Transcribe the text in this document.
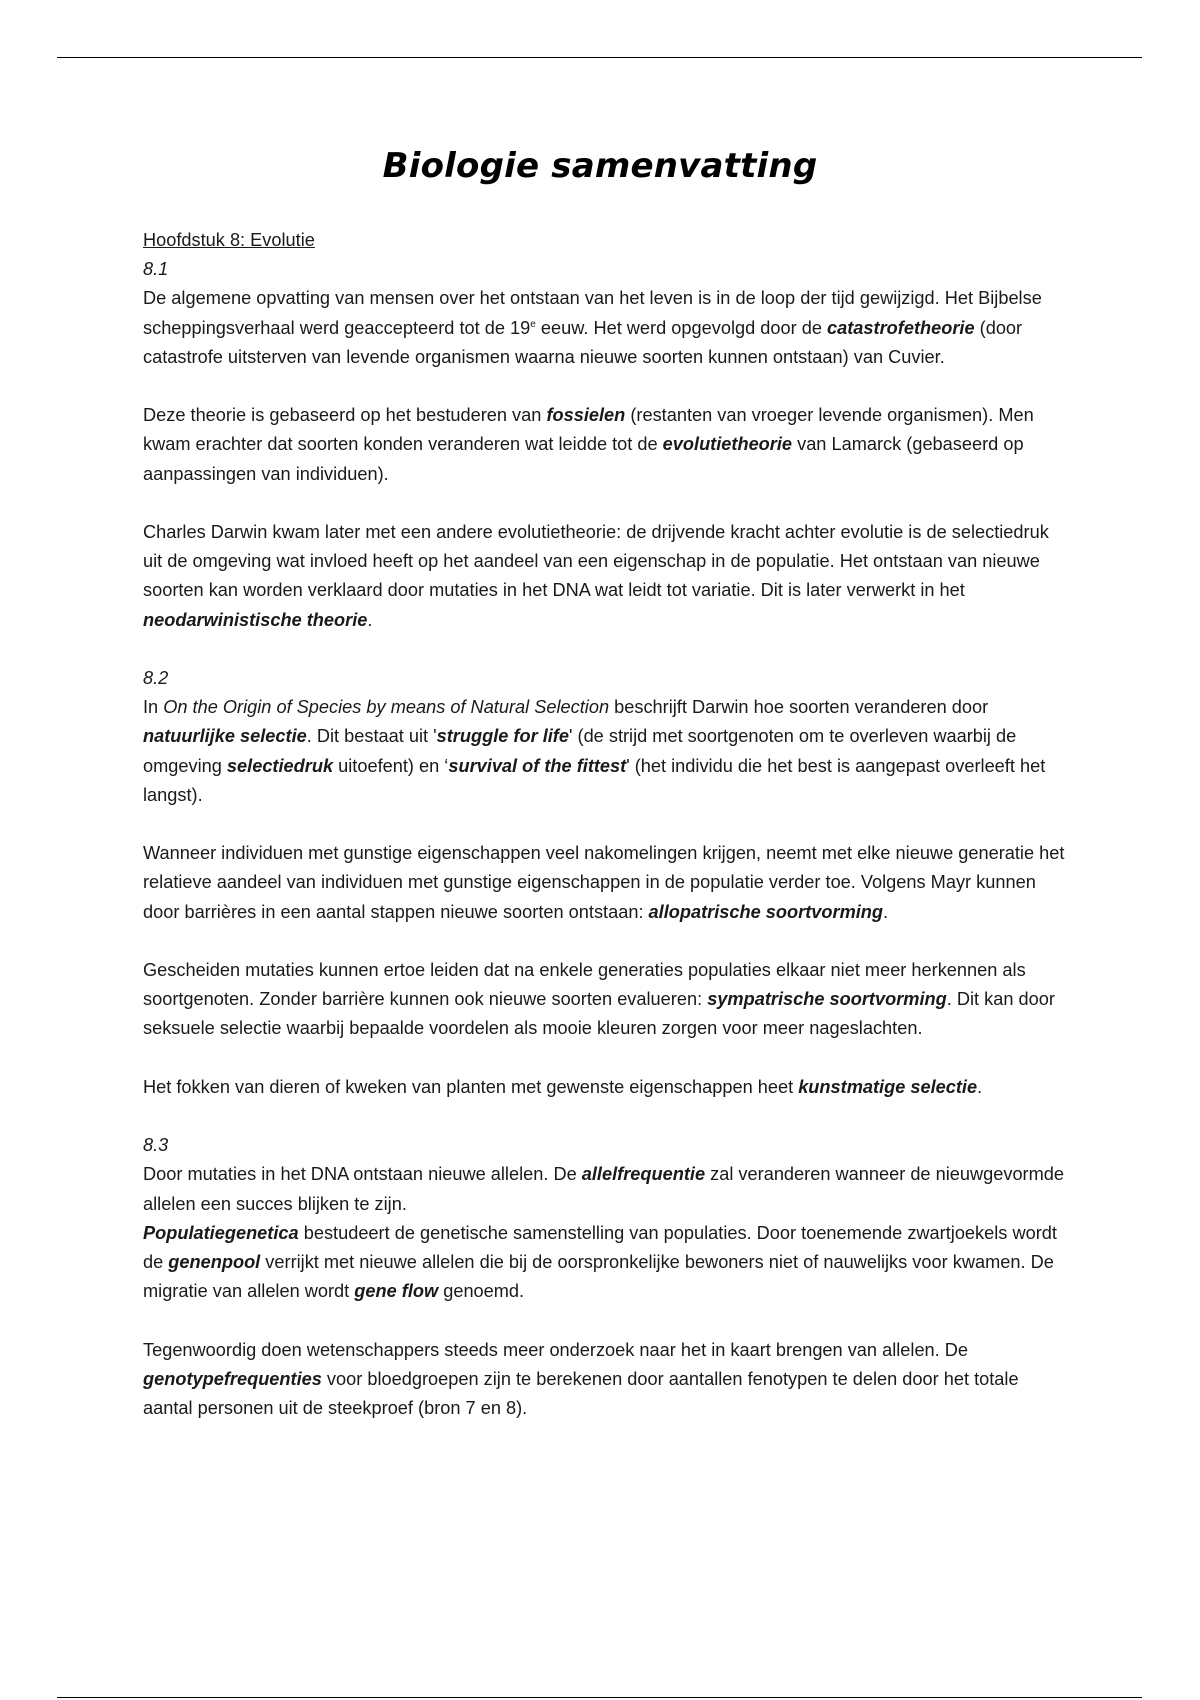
Biologie samenvatting

Hoofdstuk 8: Evolutie

8.1

De algemene opvatting van mensen over het ontstaan van het leven is in de loop der tijd gewijzigd. Het Bijbelse scheppingsverhaal werd geaccepteerd tot de 19e eeuw. Het werd opgevolgd door de catastrofetheorie (door catastrofe uitsterven van levende organismen waarna nieuwe soorten kunnen ontstaan) van Cuvier.

Deze theorie is gebaseerd op het bestuderen van fossielen (restanten van vroeger levende organismen). Men kwam erachter dat soorten konden veranderen wat leidde tot de evolutietheorie van Lamarck (gebaseerd op aanpassingen van individuen).

Charles Darwin kwam later met een andere evolutietheorie: de drijvende kracht achter evolutie is de selectiedruk uit de omgeving wat invloed heeft op het aandeel van een eigenschap in de populatie. Het ontstaan van nieuwe soorten kan worden verklaard door mutaties in het DNA wat leidt tot variatie. Dit is later verwerkt in het neodarwinistische theorie.

8.2

In On the Origin of Species by means of Natural Selection beschrijft Darwin hoe soorten veranderen door natuurlijke selectie. Dit bestaat uit 'struggle for life' (de strijd met soortgenoten om te overleven waarbij de omgeving selectiedruk uitoefent) en ‘survival of the fittest' (het individu die het best is aangepast overleeft het langst).

Wanneer individuen met gunstige eigenschappen veel nakomelingen krijgen, neemt met elke nieuwe generatie het relatieve aandeel van individuen met gunstige eigenschappen in de populatie verder toe. Volgens Mayr kunnen door barrières in een aantal stappen nieuwe soorten ontstaan: allopatrische soortvorming.

Gescheiden mutaties kunnen ertoe leiden dat na enkele generaties populaties elkaar niet meer herkennen als soortgenoten. Zonder barrière kunnen ook nieuwe soorten evalueren: sympatrische soortvorming. Dit kan door seksuele selectie waarbij bepaalde voordelen als mooie kleuren zorgen voor meer nageslachten.

Het fokken van dieren of kweken van planten met gewenste eigenschappen heet kunstmatige selectie.

8.3

Door mutaties in het DNA ontstaan nieuwe allelen. De allelfrequentie zal veranderen wanneer de nieuwgevormde allelen een succes blijken te zijn.

Populatiegenetica bestudeert de genetische samenstelling van populaties. Door toenemende zwartjoekels wordt de genenpool verrijkt met nieuwe allelen die bij de oorspronkelijke bewoners niet of nauwelijks voor kwamen. De migratie van allelen wordt gene flow genoemd.

Tegenwoordig doen wetenschappers steeds meer onderzoek naar het in kaart brengen van allelen. De genotypefrequenties voor bloedgroepen zijn te berekenen door aantallen fenotypen te delen door het totale aantal personen uit de steekproef (bron 7 en 8).
